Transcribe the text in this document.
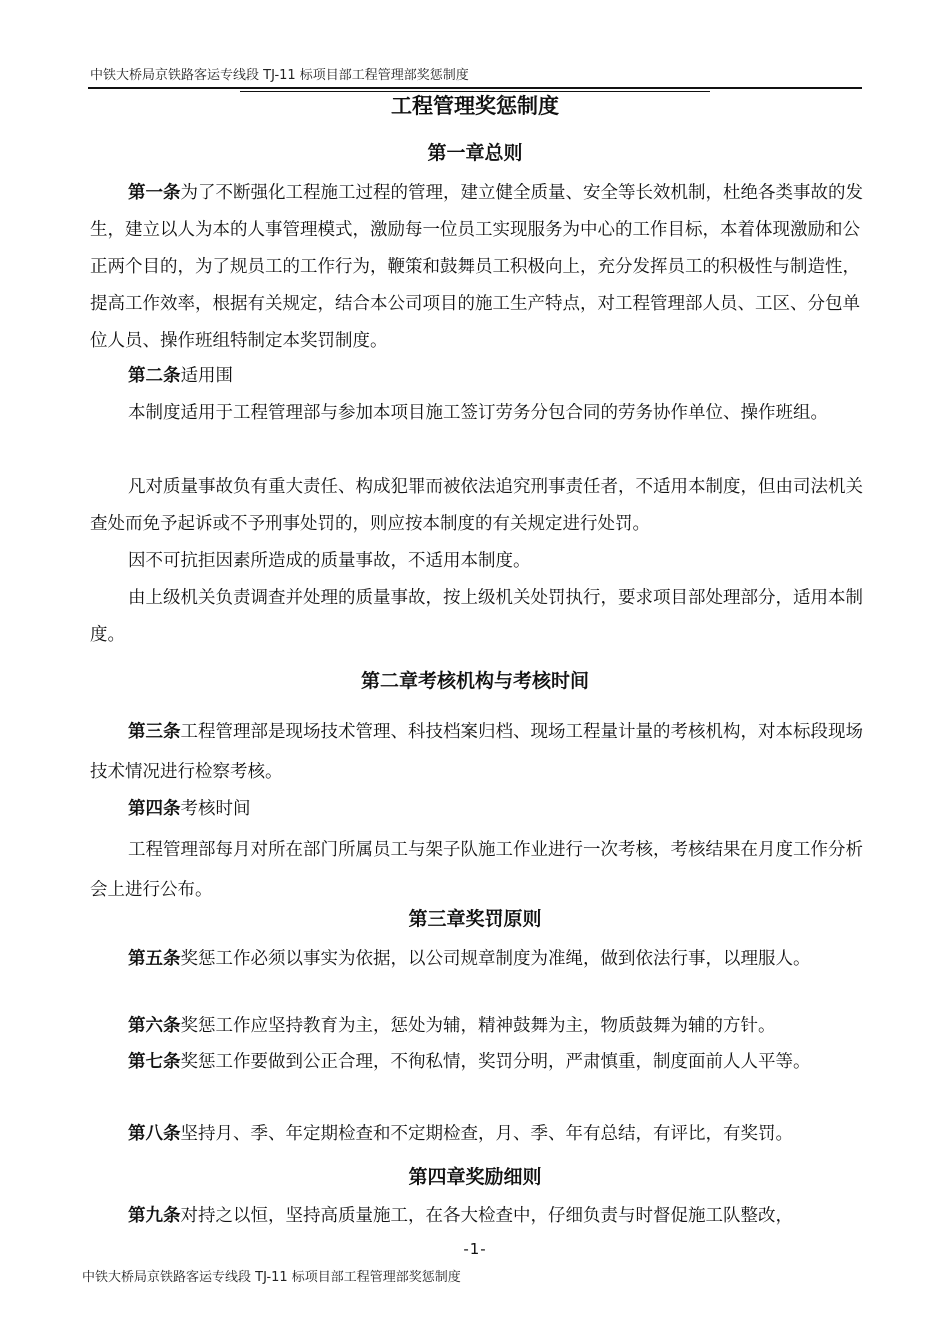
中铁大桥局京铁路客运专线段 TJ-11 标项目部工程管理部奖惩制度
工程管理奖惩制度
第一章总则

第一条为了不断强化工程施工过程的管理，建立健全质量、安全等长效机制，杜绝各类事故的发生，建立以人为本的人事管理模式，激励每一位员工实现服务为中心的工作目标，本着体现激励和公正两个目的，为了规员工的工作行为，鞭策和鼓舞员工积极向上，充分发挥员工的积极性与制造性，提高工作效率，根据有关规定，结合本公司项目的施工生产特点，对工程管理部人员、工区、分包单位人员、操作班组特制定本奖罚制度。

第二条适用围

本制度适用于工程管理部与参加本项目施工签订劳务分包合同的劳务协作单位、操作班组。

凡对质量事故负有重大责任、构成犯罪而被依法追究刑事责任者，不适用本制度，但由司法机关查处而免予起诉或不予刑事处罚的，则应按本制度的有关规定进行处罚。

因不可抗拒因素所造成的质量事故，不适用本制度。

由上级机关负责调查并处理的质量事故，按上级机关处罚执行，要求项目部处理部分，适用本制度。

第二章考核机构与考核时间

第三条工程管理部是现场技术管理、科技档案归档、现场工程量计量的考核机构，对本标段现场技术情况进行检察考核。

第四条考核时间

工程管理部每月对所在部门所属员工与架子队施工作业进行一次考核，考核结果在月度工作分析会上进行公布。

第三章奖罚原则

第五条奖惩工作必须以事实为依据，以公司规章制度为准绳，做到依法行事，以理服人。

第六条奖惩工作应坚持教育为主，惩处为辅，精神鼓舞为主，物质鼓舞为辅的方针。

第七条奖惩工作要做到公正合理，不徇私情，奖罚分明，严肃慎重，制度面前人人平等。

第八条坚持月、季、年定期检查和不定期检查，月、季、年有总结，有评比，有奖罚。

第四章奖励细则

第九条对持之以恒，坚持高质量施工，在各大检查中，仔细负责与时督促施工队整改，

-1-
中铁大桥局京铁路客运专线段 TJ-11 标项目部工程管理部奖惩制度
